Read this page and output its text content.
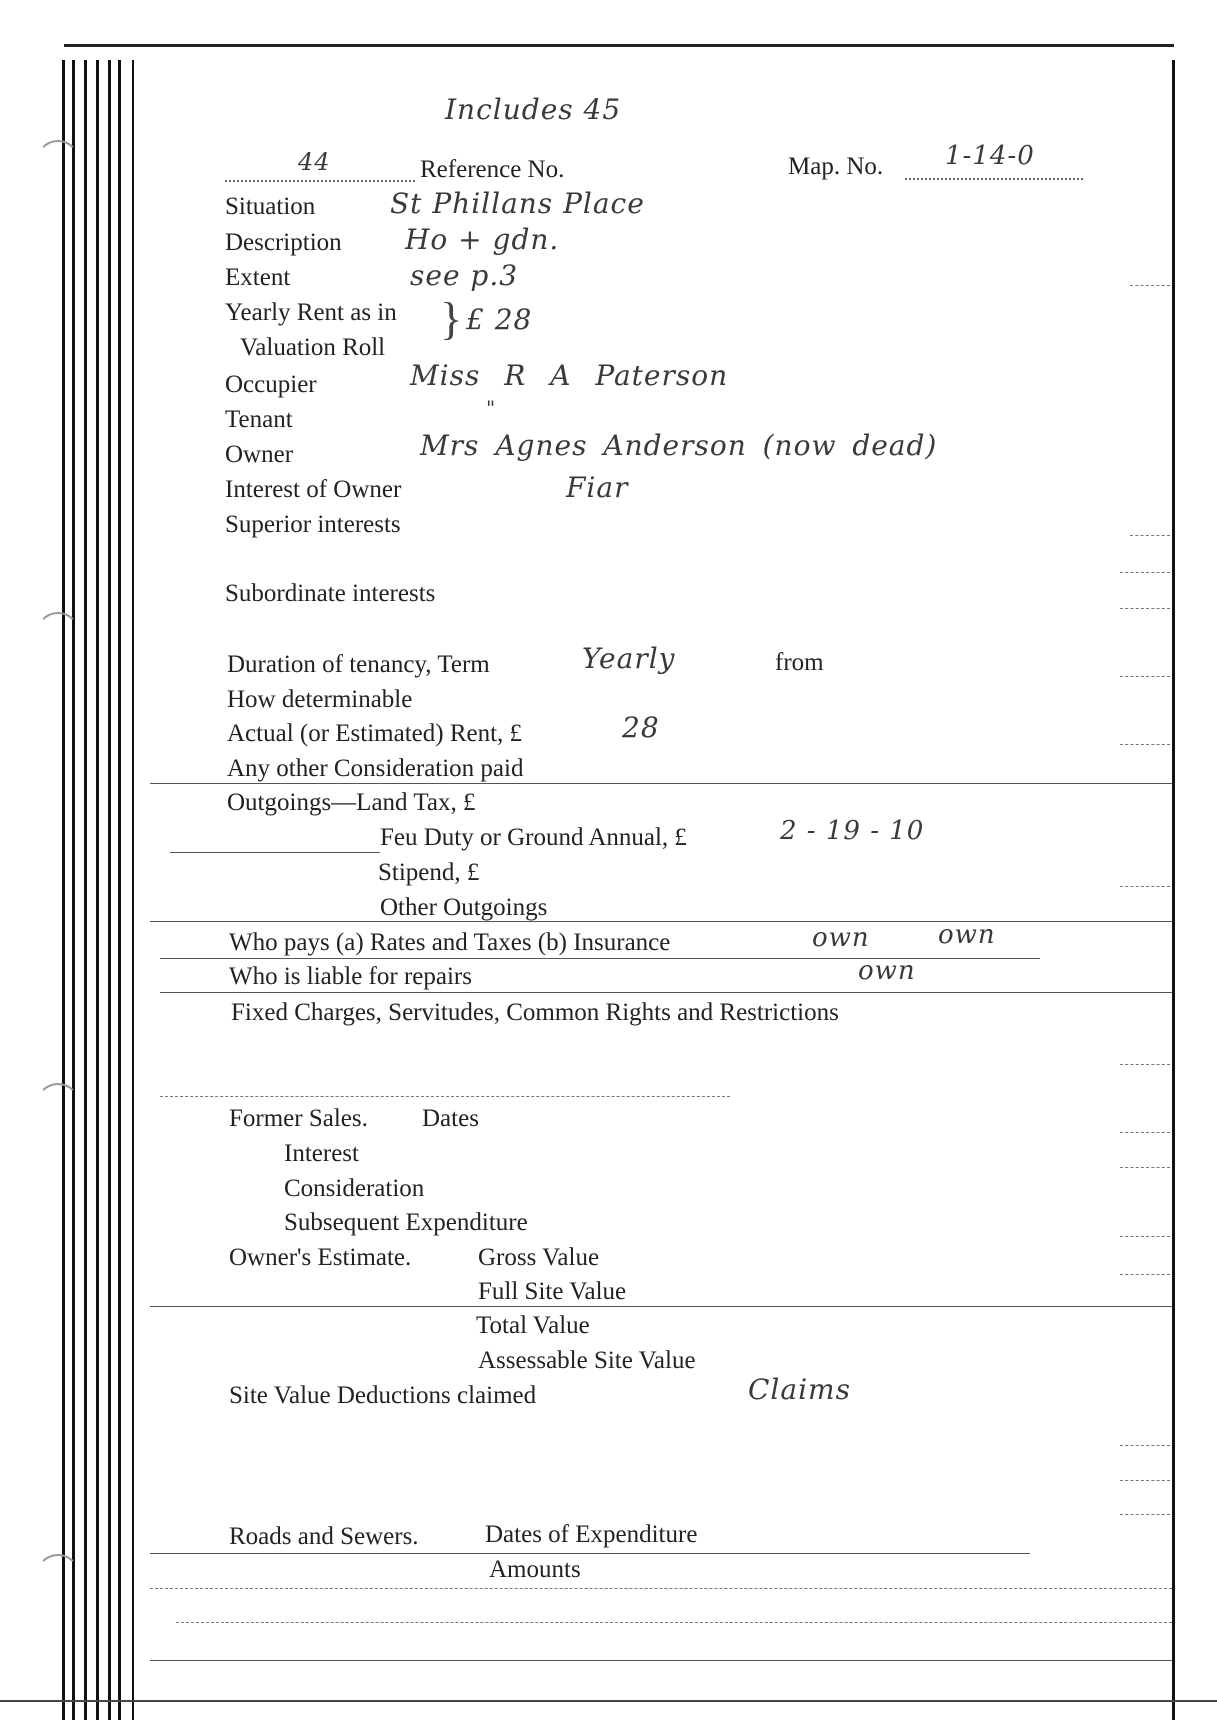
Includes 45
44	Reference No.	Map. No. 1-14-0
Situation	St Phillans Place
Description Ho + gdn.
Extent	see p.3
Yearly Rent as in
Valuation Roll
} £ 28
Occupier	Miss R A Paterson
Tenant	"
Owner	Mrs Agnes Anderson (now dead)
Interest of Owner	Fiar
Superior interests
Subordinate interests
Duration of tenancy, Term	Yearly	from
How determinable
Actual (or Estimated) Rent, £	28
Any other Consideration paid
Outgoings—Land Tax, £
Feu Duty or Ground Annual, £	2 - 19 - 10
Stipend, £
Other Outgoings
Who pays (a) Rates and Taxes (b) Insurance	own	own
Who is liable for repairs	own
Fixed Charges, Servitudes, Common Rights and Restrictions
Former Sales. Dates
Interest
Consideration
Subsequent Expenditure
Owner's Estimate.	Gross Value
Full Site Value
Total Value
Assessable Site Value
Site Value Deductions claimed	Claims
Roads and Sewers.	Dates of Expenditure
Amounts
